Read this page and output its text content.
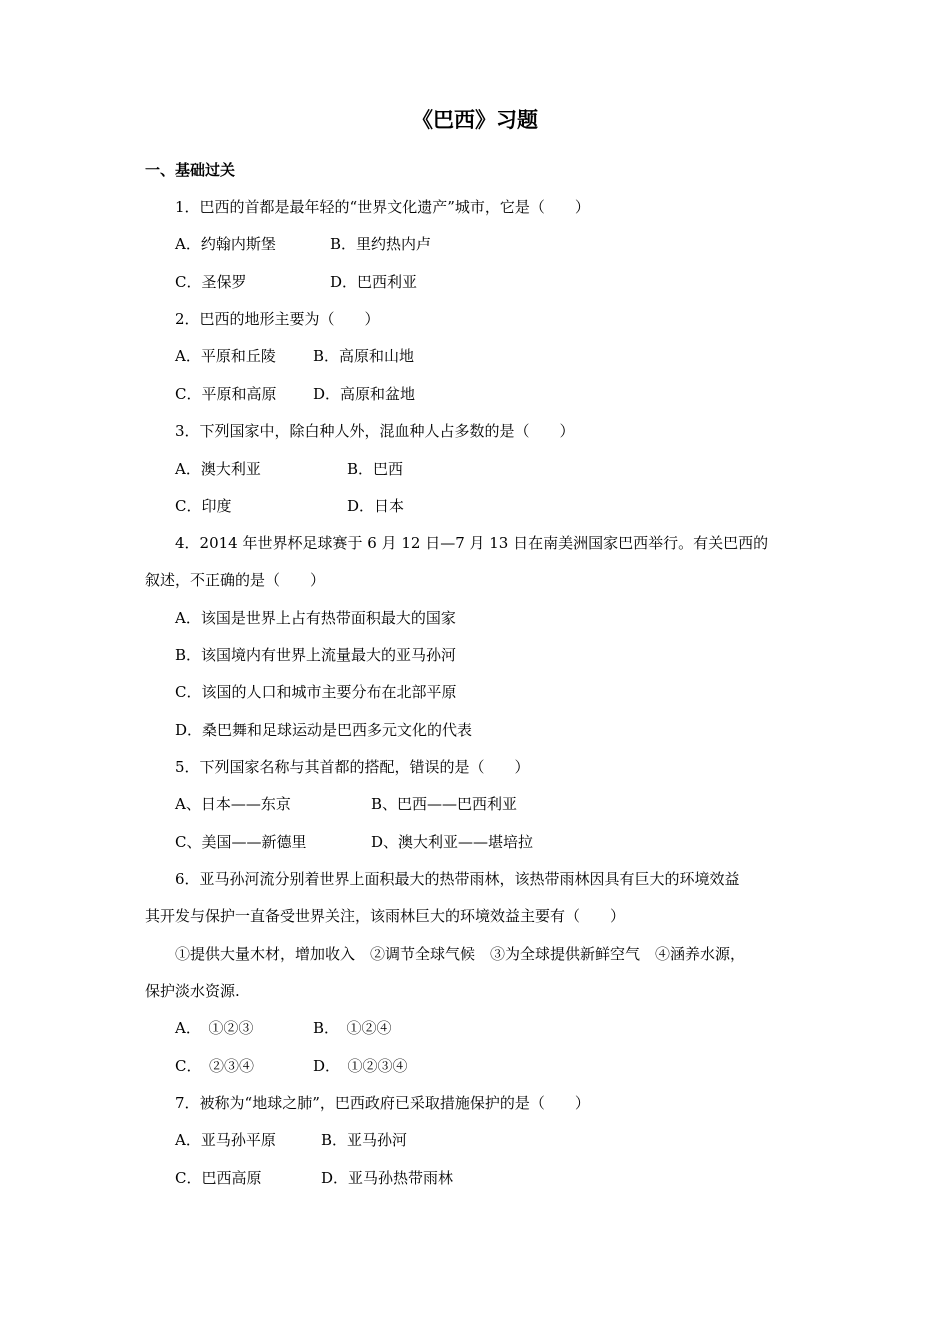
《巴西》习题
一、基础过关
1．巴西的首都是最年轻的“世界文化遗产”城市，它是（　　）
A．约翰内斯堡	B．里约热内卢
C．圣保罗	D．巴西利亚
2．巴西的地形主要为（　　）
A．平原和丘陵 B．高原和山地
C．平原和高原 D．高原和盆地
3．下列国家中，除白种人外，混血种人占多数的是（　　）
A．澳大利亚	B．巴西
C．印度	D．日本
4．2014 年世界杯足球赛于 6 月 12 日—7 月 13 日在南美洲国家巴西举行。有关巴西的
叙述，不正确的是（　　）
A．该国是世界上占有热带面积最大的国家
B．该国境内有世界上流量最大的亚马孙河
C．该国的人口和城市主要分布在北部平原
D．桑巴舞和足球运动是巴西多元文化的代表
5．下列国家名称与其首都的搭配，错误的是（　　）
A、日本——东京	B、巴西——巴西利亚
C、美国——新德里	D、澳大利亚——堪培拉
6．亚马孙河流分别着世界上面积最大的热带雨林，该热带雨林因具有巨大的环境效益
其开发与保护一直备受世界关注，该雨林巨大的环境效益主要有（　　）
①提供大量木材，增加收入　②调节全球气候　③为全球提供新鲜空气　④涵养水源，
保护淡水资源.
A．　①②③	B．　①②④
C．　②③④	D．　①②③④
7．被称为“地球之肺”，巴西政府已采取措施保护的是（　　）
A．亚马孙平原	B．亚马孙河
C．巴西高原	D．亚马孙热带雨林
